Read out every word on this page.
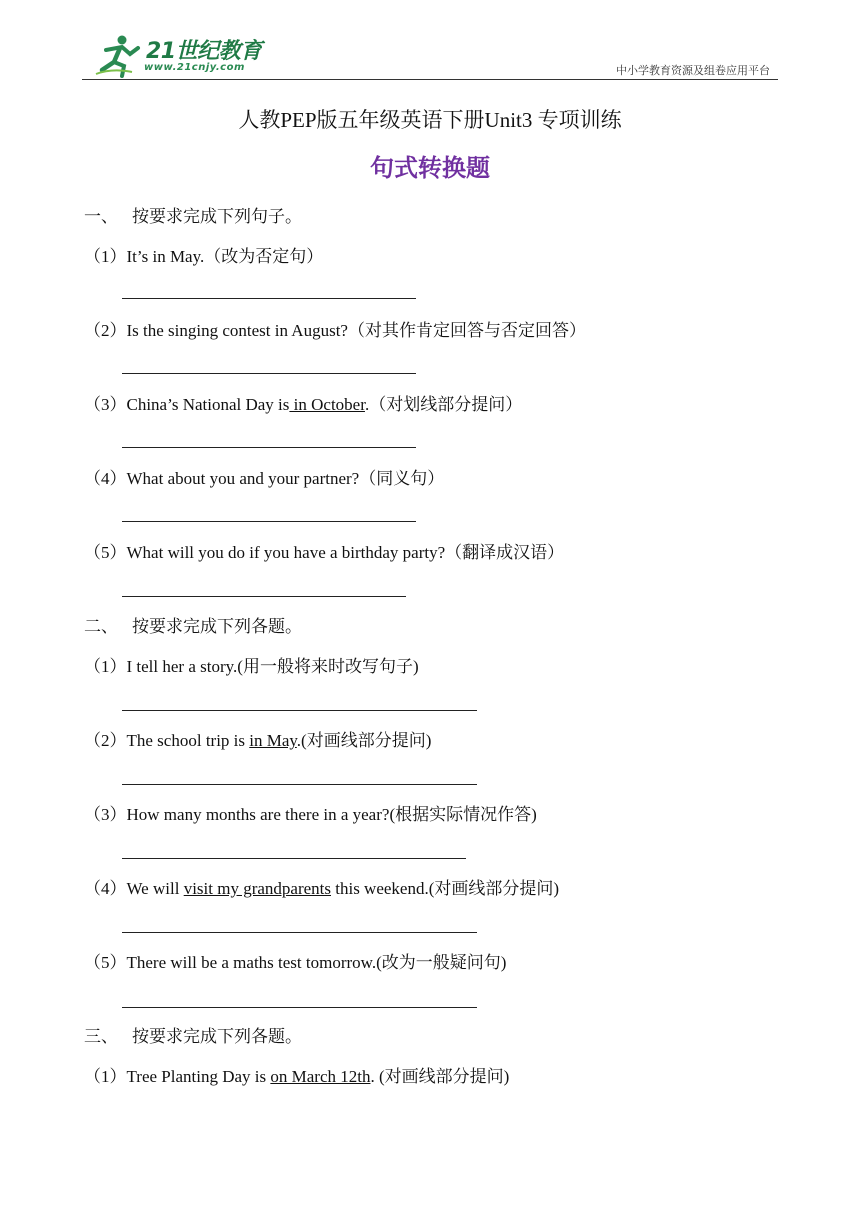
21世纪教育
www.21cnjy.com	中小学教育资源及组卷应用平台
人教PEP版五年级英语下册Unit3 专项训练
句式转换题
一、 按要求完成下列句子。
（1）It’s in May.（改为否定句）
（2）Is the singing contest in August?（对其作肯定回答与否定回答）
（3）China’s National Day is in October.（对划线部分提问）
（4）What about you and your partner?（同义句）
（5）What will you do if you have a birthday party?（翻译成汉语）
二、 按要求完成下列各题。
（1）I tell her a story.(用一般将来时改写句子)
（2）The school trip is in May.(对画线部分提问)
（3）How many months are there in a year?(根据实际情况作答)
（4）We will visit my grandparents this weekend.(对画线部分提问)
（5）There will be a maths test tomorrow.(改为一般疑问句)
三、 按要求完成下列各题。
（1）Tree Planting Day is on March 12th. (对画线部分提问)
